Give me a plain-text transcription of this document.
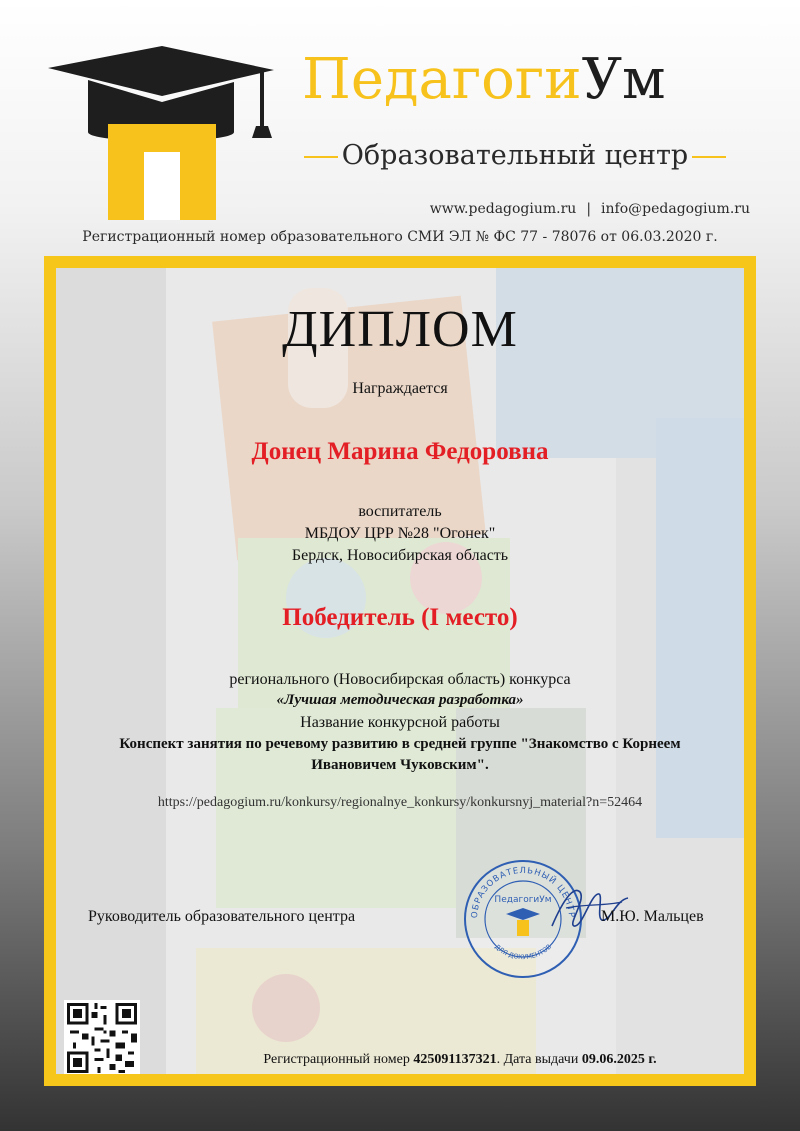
ПедагогиУм
Образовательный центр
www.pedagogium.ru | info@pedagogium.ru
Регистрационный номер образовательного СМИ ЭЛ № ФС 77 - 78076 от 06.03.2020 г.
ДИПЛОМ
Награждается
Донец Марина Федоровна
воспитатель
МБДОУ ЦРР №28 "Огонек"
Бердск, Новосибирская область
Победитель (I место)
регионального (Новосибирская область) конкурса
«Лучшая методическая разработка»
Название конкурсной работы
Конспект занятия по речевому развитию в средней группе "Знакомство с Корнеем
Ивановичем Чуковским".
https://pedagogium.ru/konkursy/regionalnye_konkursy/konkursnyj_material?n=52464
Руководитель образовательного центра	ОБРАЗОВАТЕЛЬНЫЙ ЦЕНТР
ПедагогиУм
ДЛЯ ДОКУМЕНТОВ
М.Ю. Мальцев
Регистрационный номер 425091137321. Дата выдачи 09.06.2025 г.
